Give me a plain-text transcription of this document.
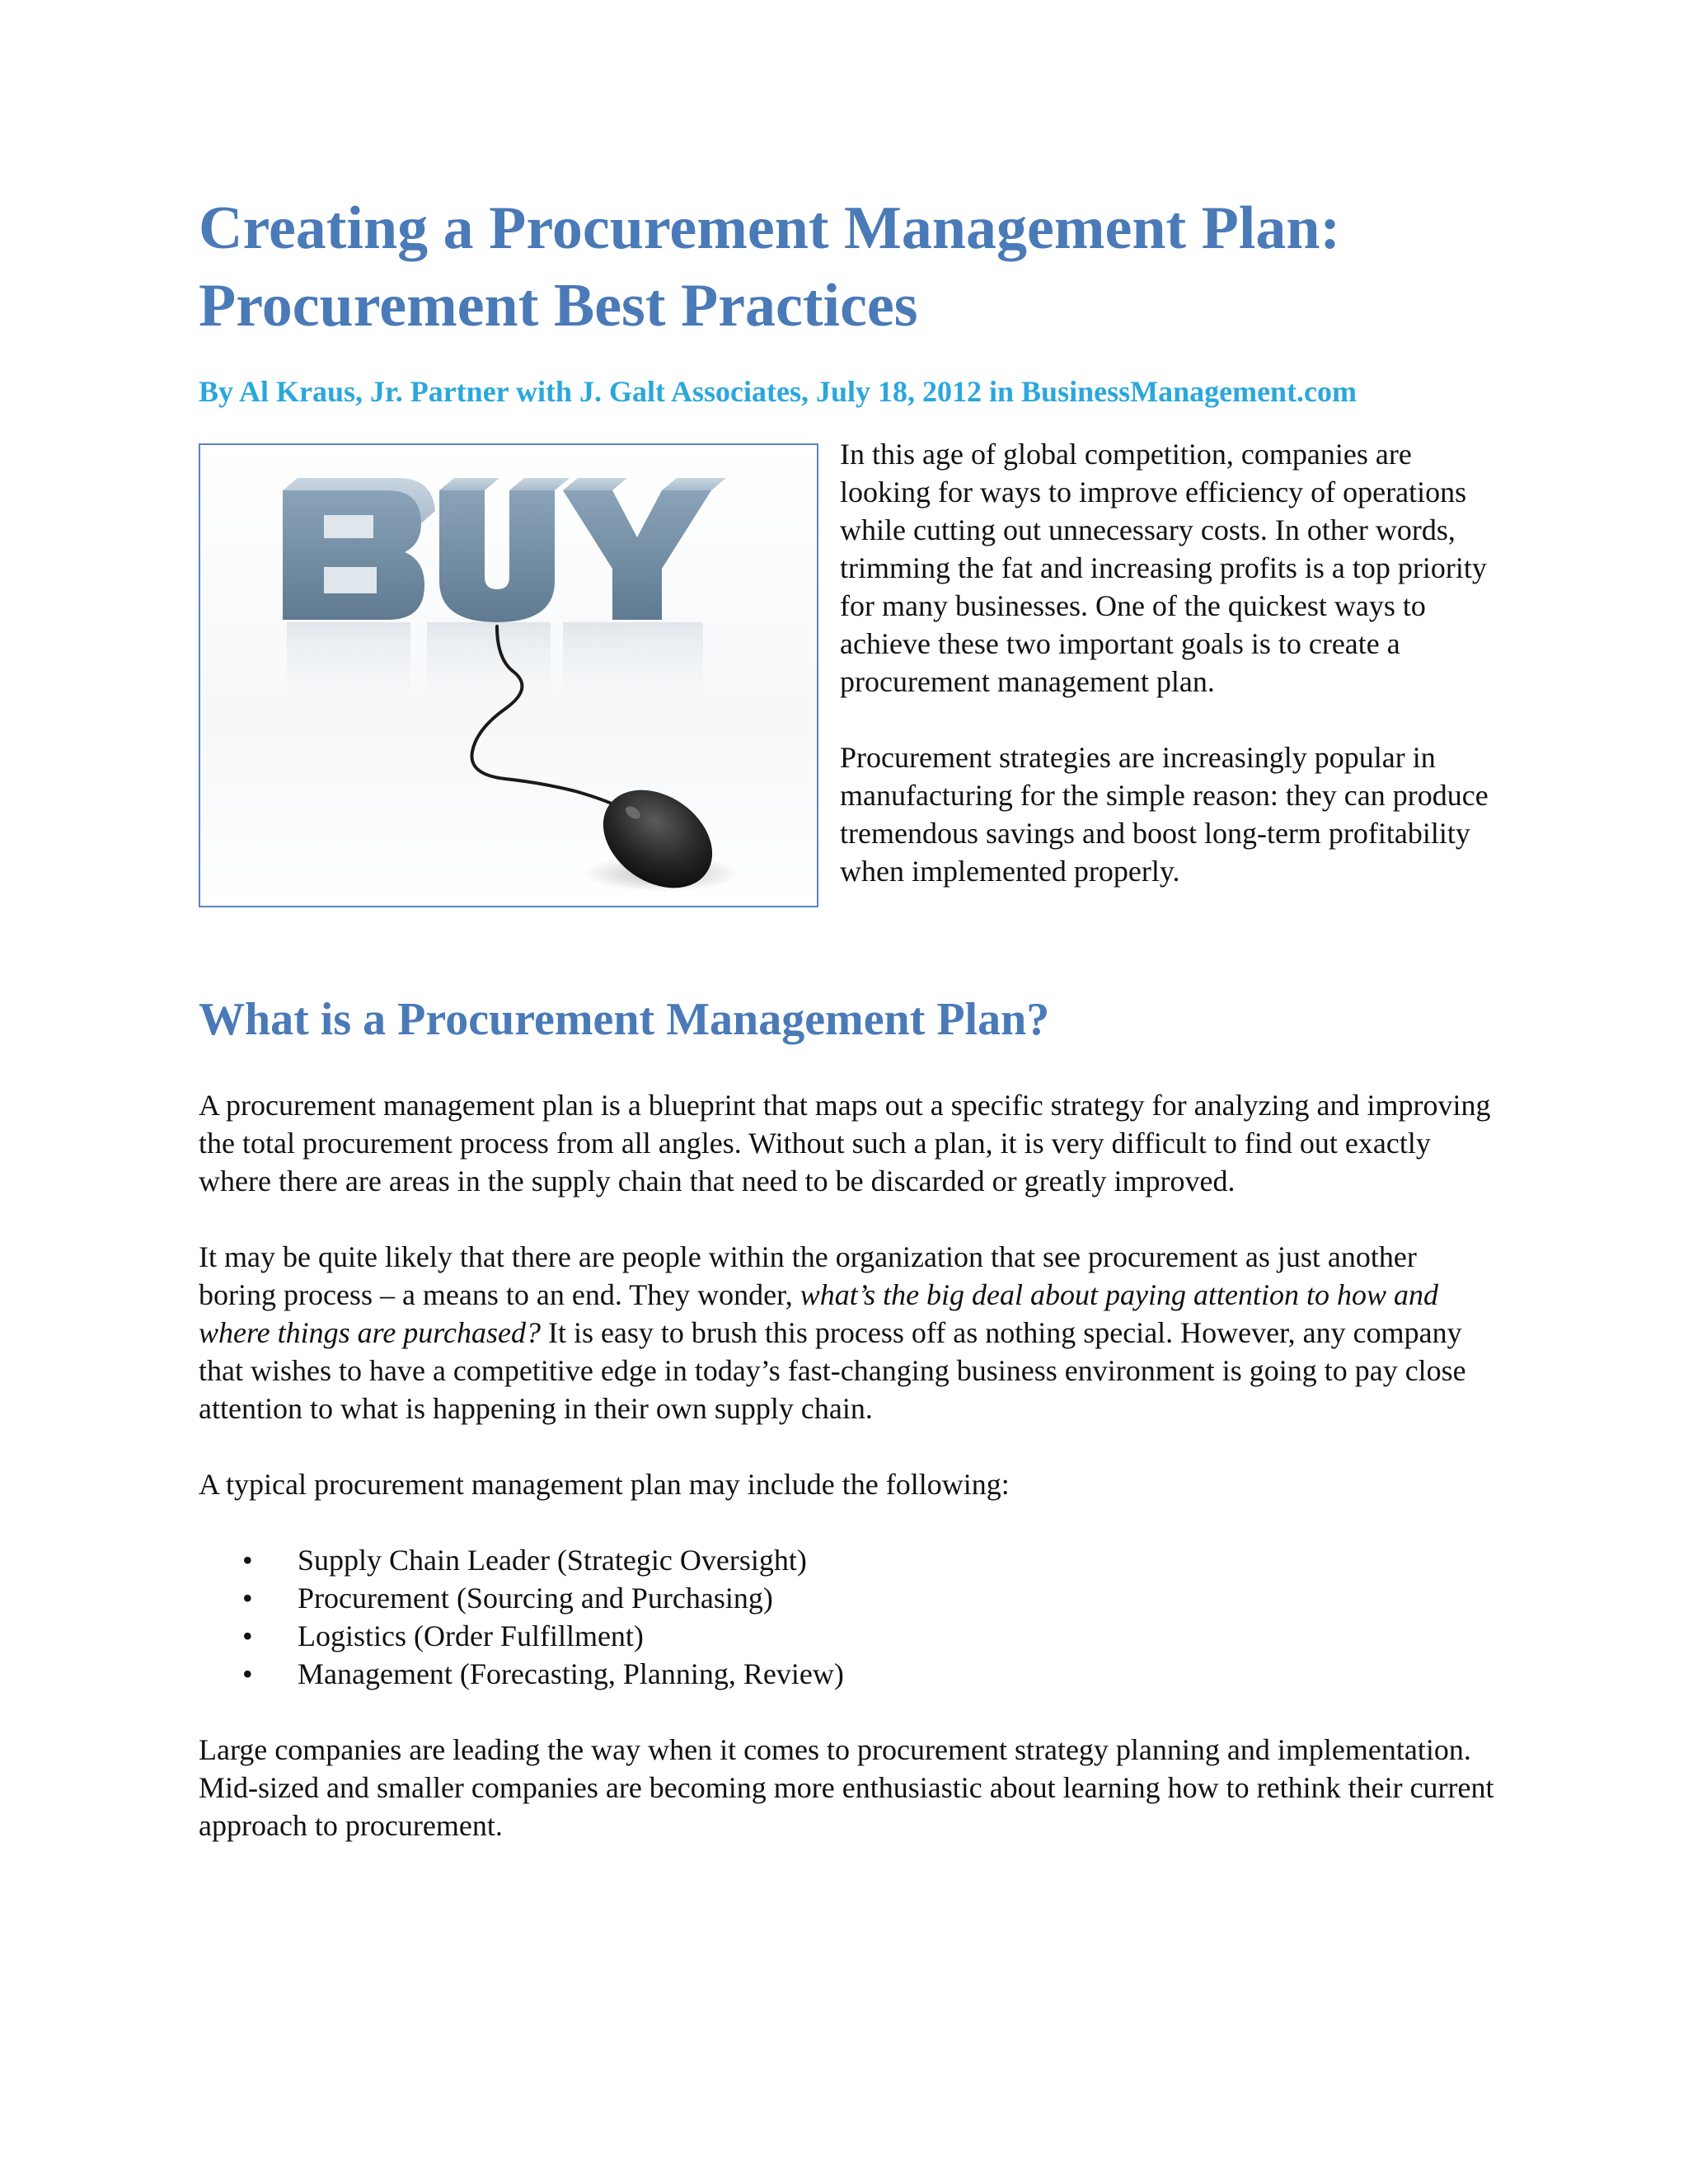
Creating a Procurement Management Plan: Procurement Best Practices

By Al Kraus, Jr. Partner with J. Galt Associates, July 18, 2012 in BusinessManagement.com

In this age of global competition, companies are looking for ways to improve efficiency of operations while cutting out unnecessary costs. In other words, trimming the fat and increasing profits is a top priority for many businesses. One of the quickest ways to achieve these two important goals is to create a procurement management plan.

Procurement strategies are increasingly popular in manufacturing for the simple reason: they can produce tremendous savings and boost long-term profitability when implemented properly.

What is a Procurement Management Plan?

A procurement management plan is a blueprint that maps out a specific strategy for analyzing and improving the total procurement process from all angles. Without such a plan, it is very difficult to find out exactly where there are areas in the supply chain that need to be discarded or greatly improved.

It may be quite likely that there are people within the organization that see procurement as just another boring process – a means to an end. They wonder, what’s the big deal about paying attention to how and where things are purchased? It is easy to brush this process off as nothing special. However, any company that wishes to have a competitive edge in today’s fast-changing business environment is going to pay close attention to what is happening in their own supply chain.

A typical procurement management plan may include the following:

• Supply Chain Leader (Strategic Oversight)
• Procurement (Sourcing and Purchasing)
• Logistics (Order Fulfillment)
• Management (Forecasting, Planning, Review)

Large companies are leading the way when it comes to procurement strategy planning and implementation. Mid-sized and smaller companies are becoming more enthusiastic about learning how to rethink their current approach to procurement.
